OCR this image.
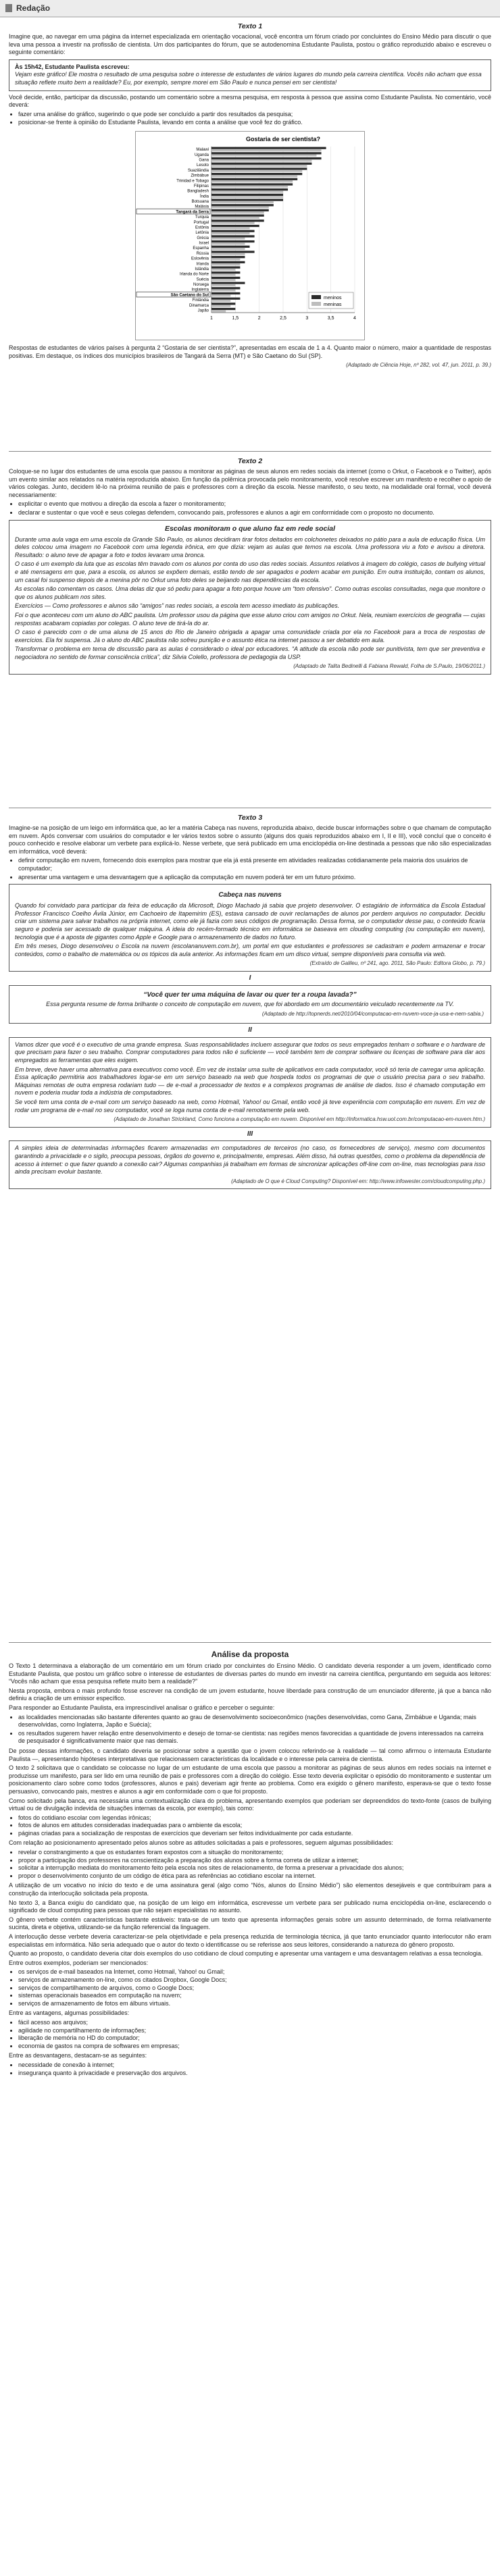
Redação
Texto 1

Imagine que, ao navegar em uma página da internet especializada em orientação vocacional, você encontra um fórum criado por concluintes do Ensino Médio para discutir o que leva uma pessoa a investir na profissão de cientista. Um dos participantes do fórum, que se autodenomina Estudante Paulista, postou o gráfico reproduzido abaixo e escreveu o seguinte comentário:

Às 15h42, Estudante Paulista escreveu:
Vejam este gráfico! Ele mostra o resultado de uma pesquisa sobre o interesse de estudantes de vários lugares do mundo pela carreira científica. Vocês não acham que essa situação reflete muito bem a realidade? Eu, por exemplo, sempre morei em São Paulo e nunca pensei em ser cientista!

Você decide, então, participar da discussão, postando um comentário sobre a mesma pesquisa, em resposta à pessoa que assina como Estudante Paulista. No comentário, você deverá:

• fazer uma análise do gráfico, sugerindo o que pode ser concluído a partir dos resultados da pesquisa;
• posicionar-se frente à opinião do Estudante Paulista, levando em conta a análise que você fez do gráfico.
Gostaria de ser cientista?
1	1,5	2	2,5	3	3,5	4
Malawi
Uganda
Gana
Lesoto
Suazilândia
Zimbábue
Trinidad e Tobago
Filipinas
Bangladesh
Índia
Botsuana
Malásia
Tangará da Serra
Turquia
Portugal
Estônia
Letônia
Grécia
Israel
Espanha
Rússia
Eslovênia
Irlanda
Islândia
Irlanda do Norte
Suécia
Noruega
Inglaterra
São Caetano do Sul
Finlândia
Dinamarca
Japão
meninos
meninas

Respostas de estudantes de vários países à pergunta 2 “Gostaria de ser cientista?”, apresentadas em escala de 1 a 4. Quanto maior o número, maior a quantidade de respostas positivas. Em destaque, os índices dos municípios brasileiros de Tangará da Serra (MT) e São Caetano do Sul (SP).

(Adaptado de Ciência Hoje, nº 282, vol. 47, jun. 2011, p. 39.)
Texto 2

Coloque-se no lugar dos estudantes de uma escola que passou a monitorar as páginas de seus alunos em redes sociais da internet (como o Orkut, o Facebook e o Twitter), após um evento similar aos relatados na matéria reproduzida abaixo. Em função da polêmica provocada pelo monitoramento, você resolve escrever um manifesto e recolher o apoio de vários colegas. Junto, decidem lê-lo na próxima reunião de pais e professores com a direção da escola. Nesse manifesto, o seu texto, na modalidade oral formal, você deverá necessariamente:

• explicitar o evento que motivou a direção da escola a fazer o monitoramento;
• declarar e sustentar o que você e seus colegas defendem, convocando pais, professores e alunos a agir em conformidade com o proposto no documento.
Escolas monitoram o que aluno faz em rede social

Durante uma aula vaga em uma escola da Grande São Paulo, os alunos decidiram tirar fotos deitados em colchonetes deixados no pátio para a aula de educação física. Um deles colocou uma imagem no Facebook com uma legenda irônica, em que dizia: vejam as aulas que temos na escola. Uma professora viu a foto e avisou a diretora. Resultado: o aluno teve de apagar a foto e todos levaram uma bronca.

O caso é um exemplo da luta que as escolas têm travado com os alunos por conta do uso das redes sociais. Assuntos relativos à imagem do colégio, casos de bullying virtual e até mensagens em que, para a escola, os alunos se expõem demais, estão tendo de ser apagados e podem acabar em punição. Em outra instituição, contam os alunos, um casal foi suspenso depois de a menina pôr no Orkut uma foto deles se beijando nas dependências da escola.

As escolas não comentam os casos. Uma delas diz que só pediu para apagar a foto porque houve um “tom ofensivo”. Como outras escolas consultadas, nega que monitore o que os alunos publicam nos sites.

Exercícios — Como professores e alunos são “amigos” nas redes sociais, a escola tem acesso imediato às publicações.

Foi o que aconteceu com um aluno do ABC paulista. Um professor usou da página que esse aluno criou com amigos no Orkut. Nela, reuniam exercícios de geografia — cujas respostas acabaram copiadas por colegas. O aluno teve de tirá-la do ar.

O caso é parecido com o de uma aluna de 15 anos do Rio de Janeiro obrigada a apagar uma comunidade criada por ela no Facebook para a troca de respostas de exercícios. Ela foi suspensa. Já o aluno do ABC paulista não sofreu punição e o assunto ética na internet passou a ser debatido em aula.

Transformar o problema em tema de discussão para as aulas é considerado o ideal por educadores. “A atitude da escola não pode ser punitivista, tem que ser preventiva e negociadora no sentido de formar consciência crítica”, diz Silvia Colello, professora de pedagogia da USP.

(Adaptado de Talita Bedinelli & Fabiana Rewald, Folha de S.Paulo, 19/06/2011.)
Texto 3

Imagine-se na posição de um leigo em informática que, ao ler a matéria Cabeça nas nuvens, reproduzida abaixo, decide buscar informações sobre o que chamam de computação em nuvem. Após conversar com usuários do computador e ler vários textos sobre o assunto (alguns dos quais reproduzidos abaixo em I, II e III), você concluí que o conceito é pouco conhecido e resolve elaborar um verbete para explicá-lo. Nesse verbete, que será publicado em uma enciclopédia on-line destinada a pessoas que não são especializadas em informática, você deverá:

• definir computação em nuvem, fornecendo dois exemplos para mostrar que ela já está presente em atividades realizadas cotidianamente pela maioria dos usuários de computador;
• apresentar uma vantagem e uma desvantagem que a aplicação da computação em nuvem poderá ter em um futuro próximo.
Cabeça nas nuvens

Quando foi convidado para participar da feira de educação da Microsoft, Diogo Machado já sabia que projeto desenvolver. O estagiário de informática da Escola Estadual Professor Francisco Coelho Ávila Júnior, em Cachoeiro de Itapemirim (ES), estava cansado de ouvir reclamações de alunos por perdem arquivos no computador. Decidiu criar um sistema para salvar trabalhos na própria internet, como ele já fazia com seus códigos de programação. Dessa forma, se o computador desse pau, o conteúdo ficaria seguro e poderia ser acessado de qualquer máquina. A ideia do recém-formado técnico em informática se baseava em clouding computing (ou computação em nuvem), tecnologia que é a aposta de gigantes como Apple e Google para o armazenamento de dados no futuro.

Em três meses, Diogo desenvolveu o Escola na nuvem (escolananuvem.com.br), um portal em que estudantes e professores se cadastram e podem armazenar e trocar conteúdos, como o trabalho de matemática ou os tópicos da aula anterior. As informações ficam em um disco virtual, sempre disponíveis para consulta via web.

(Extraído de Galileu, nº 241, ago. 2011, São Paulo: Editora Globo, p. 79.)
I
“Você quer ter uma máquina de lavar ou quer ter a roupa lavada?”
Essa pergunta resume de forma brilhante o conceito de computação em nuvem, que foi abordado em um documentário veiculado recentemente na TV.
(Adaptado de http://topnerds.net/2010/04/computacao-em-nuvem-voce-ja-usa-e-nem-sabia.)
II

Vamos dizer que você é o executivo de uma grande empresa. Suas responsabilidades incluem assegurar que todos os seus empregados tenham o software e o hardware de que precisam para fazer o seu trabalho. Comprar computadores para todos não é suficiente — você também tem de comprar software ou licenças de software para dar aos empregados as ferramentas que eles exigem.

Em breve, deve haver uma alternativa para executivos como você. Em vez de instalar uma suíte de aplicativos em cada computador, você só teria de carregar uma aplicação. Essa aplicação permitiria aos trabalhadores logar-se em um serviço baseado na web que hospeda todos os programas de que o usuário precisa para o seu trabalho. Máquinas remotas de outra empresa rodariam tudo — de e-mail a processador de textos e a complexos programas de análise de dados. Isso é chamado computação em nuvem e poderia mudar toda a indústria de computadores.

Se você tem uma conta de e-mail com um serviço baseado na web, como Hotmail, Yahoo! ou Gmail, então você já teve experiência com computação em nuvem. Em vez de rodar um programa de e-mail no seu computador, você se loga numa conta de e-mail remotamente pela web.

(Adaptado de Jonathan Strickland, Como funciona a computação em nuvem. Disponível em http://informatica.hsw.uol.com.br/computacao-em-nuvem.htm.)
III

A simples ideia de determinadas informações ficarem armazenadas em computadores de terceiros (no caso, os fornecedores de serviço), mesmo com documentos garantindo a privacidade e o sigilo, preocupa pessoas, órgãos do governo e, principalmente, empresas. Além disso, há outras questões, como o problema da dependência de acesso à internet: o que fazer quando a conexão cair? Algumas companhias já trabalham em formas de sincronizar aplicações off-line com on-line, mas tecnologias para isso ainda precisam evoluir bastante.

(Adaptado de O que é Cloud Computing? Disponível em: http://www.infowester.com/cloudcomputing.php.)
Análise da proposta

O Texto 1 determinava a elaboração de um comentário em um fórum criado por concluintes do Ensino Médio. O candidato deveria responder a um jovem, identificado como Estudante Paulista, que postou um gráfico sobre o interesse de estudantes de diversas partes do mundo em investir na carreira científica, perguntando em seguida aos leitores: “Vocês não acham que essa pesquisa reflete muito bem a realidade?”

Nesta proposta, embora o mais profundo fosse escrever na condição de um jovem estudante, houve liberdade para construção de um enunciador diferente, já que a banca não definiu a criação de um emissor específico.

Para responder ao Estudante Paulista, era imprescindível analisar o gráfico e perceber o seguinte:

• as localidades mencionadas são bastante diferentes quanto ao grau de desenvolvimento socioeconômico (nações desenvolvidas, como Gana, Zimbábue e Uganda; mais desenvolvidas, como Inglaterra, Japão e Suécia);
• os resultados sugerem haver relação entre desenvolvimento e desejo de tornar-se cientista: nas regiões menos favorecidas a quantidade de jovens interessados na carreira de pesquisador é significativamente maior que nas demais.

De posse dessas informações, o candidato deveria se posicionar sobre a questão que o jovem colocou referindo-se à realidade — tal como afirmou o internauta Estudante Paulista —, apresentando hipóteses interpretativas que relacionassem características da localidade e o interesse pela carreira de cientista.

O texto 2 solicitava que o candidato se colocasse no lugar de um estudante de uma escola que passou a monitorar as páginas de seus alunos em redes sociais na internet e produzisse um manifesto, para ser lido em uma reunião de pais e professores com a direção do colégio. Esse texto deveria explicitar o episódio do monitoramento e sustentar um posicionamento claro sobre como todos (professores, alunos e pais) deveriam agir frente ao problema. Como era exigido o gênero manifesto, esperava-se que o texto fosse persuasivo, convocando pais, mestres e alunos a agir em conformidade com o que foi proposto.

Como solicitado pela banca, era necessária uma contextualização clara do problema, apresentando exemplos que poderiam ser depreendidos do texto-fonte (casos de bullying virtual ou de divulgação indevida de situações internas da escola, por exemplo), tais como:

• fotos do cotidiano escolar com legendas irônicas;
• fotos de alunos em atitudes consideradas inadequadas para o ambiente da escola;
• páginas criadas para a socialização de respostas de exercícios que deveriam ser feitos individualmente por cada estudante.

Com relação ao posicionamento apresentado pelos alunos sobre as atitudes solicitadas a pais e professores, seguem algumas possibilidades:

• revelar o constrangimento a que os estudantes foram expostos com a situação do monitoramento;
• propor a participação dos professores na conscientização a preparação dos alunos sobre a forma correta de utilizar a internet;
• solicitar a interrupção mediata do monitoramento feito pela escola nos sites de relacionamento, de forma a preservar a privacidade dos alunos;
• propor o desenvolvimento conjunto de um código de ética para as referências ao cotidiano escolar na internet.

A utilização de um vocativo no início do texto e de uma assinatura geral (algo como “Nós, alunos do Ensino Médio”) são elementos desejáveis e que contribuíram para a construção da interlocução solicitada pela proposta.

No texto 3, a Banca exigiu do candidato que, na posição de um leigo em informática, escrevesse um verbete para ser publicado numa enciclopédia on-line, esclarecendo o significado de cloud computing para pessoas que não sejam especialistas no assunto.

O gênero verbete contém características bastante estáveis: trata-se de um texto que apresenta informações gerais sobre um assunto determinado, de forma relativamente sucinta, direta e objetiva, utilizando-se da função referencial da linguagem.

A interlocução desse verbete deveria caracterizar-se pela objetividade e pela presença reduzida de terminologia técnica, já que tanto enunciador quanto interlocutor não eram especialistas em informática. Não seria adequado que o autor do texto o identificasse ou se referisse aos seus leitores, considerando a natureza do gênero proposto.

Quanto ao proposto, o candidato deveria citar dois exemplos do uso cotidiano de cloud computing e apresentar uma vantagem e uma desvantagem relativas a essa tecnologia.

Entre outros exemplos, poderiam ser mencionados:

• os serviços de e-mail baseados na Internet, como Hotmail, Yahoo! ou Gmail;
• serviços de armazenamento on-line, como os citados Dropbox, Google Docs;
• serviços de compartilhamento de arquivos, como o Google Docs;
• sistemas operacionais baseados em computação na nuvem;
• serviços de armazenamento de fotos em álbuns virtuais.

Entre as vantagens, algumas possibilidades:

• fácil acesso aos arquivos;
• agilidade no compartilhamento de informações;
• liberação de memória no HD do computador;
• economia de gastos na compra de softwares em empresas;

Entre as desvantagens, destacam-se as seguintes:

• necessidade de conexão à internet;
• insegurança quanto à privacidade e preservação dos arquivos.
